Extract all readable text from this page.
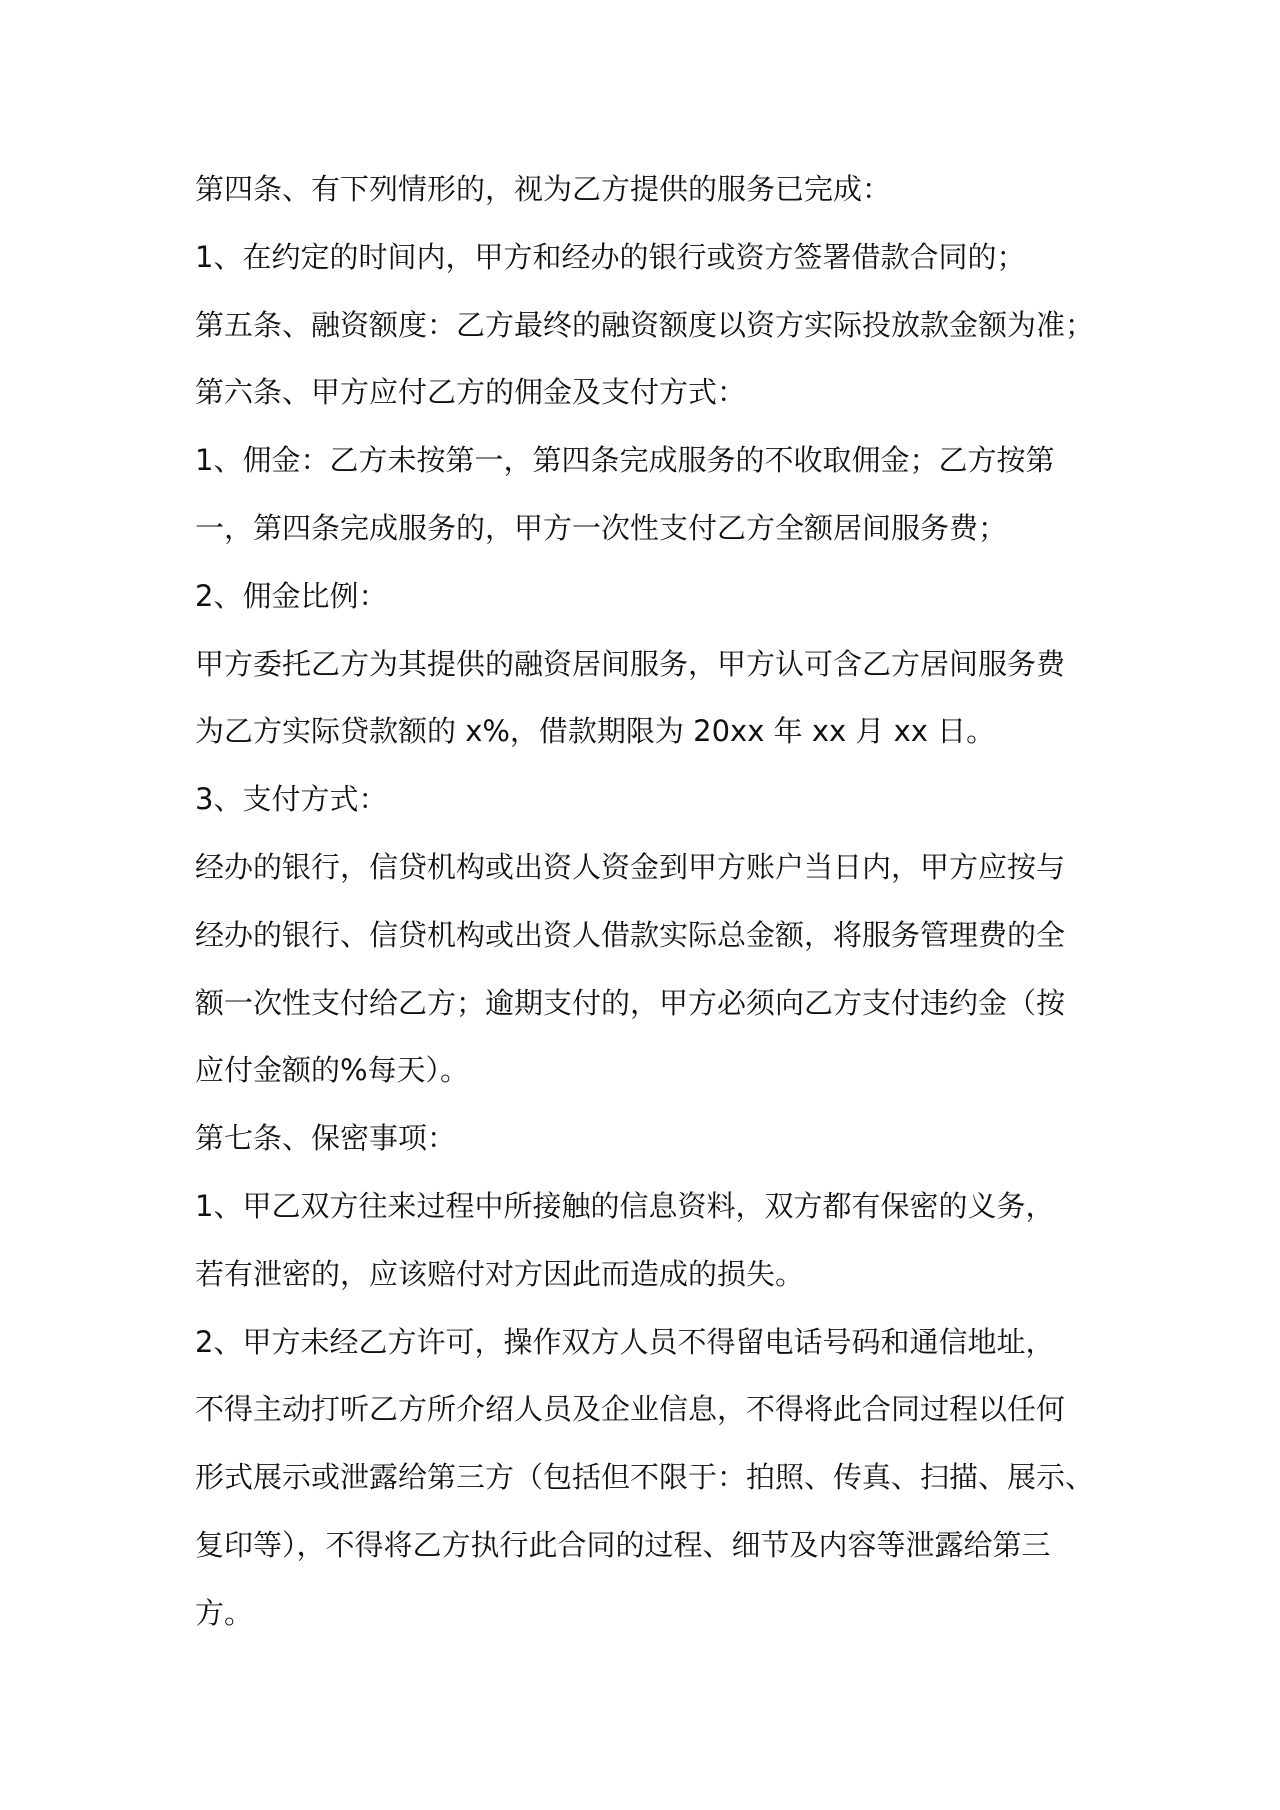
第四条、有下列情形的，视为乙方提供的服务已完成：
1、在约定的时间内，甲方和经办的银行或资方签署借款合同的；
第五条、融资额度：乙方最终的融资额度以资方实际投放款金额为准；
第六条、甲方应付乙方的佣金及支付方式：
1、佣金：乙方未按第一，第四条完成服务的不收取佣金；乙方按第
一，第四条完成服务的，甲方一次性支付乙方全额居间服务费；
2、佣金比例：
甲方委托乙方为其提供的融资居间服务，甲方认可含乙方居间服务费
为乙方实际贷款额的 x%，借款期限为 20xx 年 xx 月 xx 日。
3、支付方式：
经办的银行，信贷机构或出资人资金到甲方账户当日内，甲方应按与
经办的银行、信贷机构或出资人借款实际总金额，将服务管理费的全
额一次性支付给乙方；逾期支付的，甲方必须向乙方支付违约金（按
应付金额的%每天）。
第七条、保密事项：
1、甲乙双方往来过程中所接触的信息资料，双方都有保密的义务，
若有泄密的，应该赔付对方因此而造成的损失。
2、甲方未经乙方许可，操作双方人员不得留电话号码和通信地址，
不得主动打听乙方所介绍人员及企业信息，不得将此合同过程以任何
形式展示或泄露给第三方（包括但不限于：拍照、传真、扫描、展示、
复印等），不得将乙方执行此合同的过程、细节及内容等泄露给第三
方。
